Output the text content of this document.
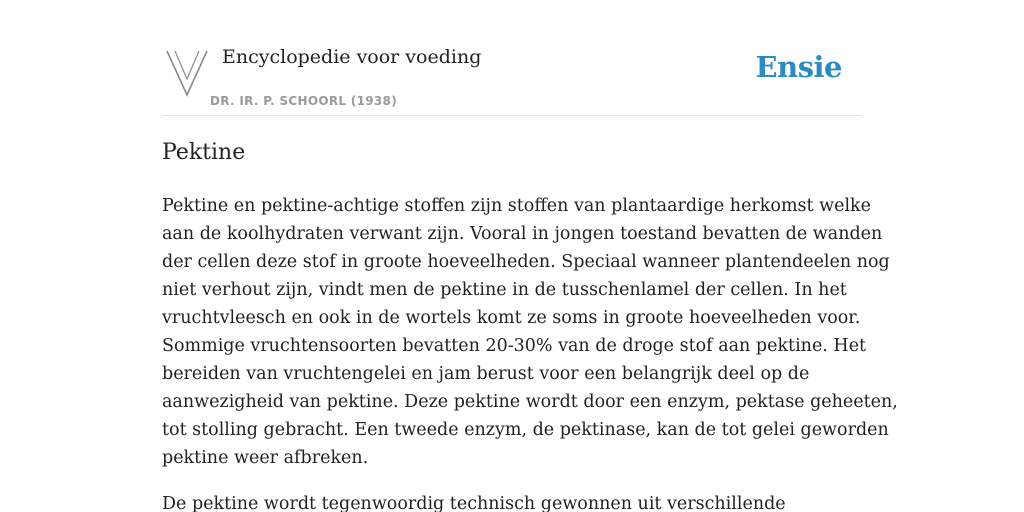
Encyclopedie voor voeding
DR. IR. P. SCHOORL (1938)
Ensie
Pektine

Pektine en pektine-achtige stoffen zijn stoffen van plantaardige herkomst welke
aan de koolhydraten verwant zijn. Vooral in jongen toestand bevatten de wanden
der cellen deze stof in groote hoeveelheden. Speciaal wanneer plantendeelen nog
niet verhout zijn, vindt men de pektine in de tusschenlamel der cellen. In het
vruchtvleesch en ook in de wortels komt ze soms in groote hoeveelheden voor.
Sommige vruchtensoorten bevatten 20-30% van de droge stof aan pektine. Het
bereiden van vruchtengelei en jam berust voor een belangrijk deel op de
aanwezigheid van pektine. Deze pektine wordt door een enzym, pektase geheeten,
tot stolling gebracht. Een tweede enzym, de pektinase, kan de tot gelei geworden
pektine weer afbreken.

De pektine wordt tegenwoordig technisch gewonnen uit verschillende
